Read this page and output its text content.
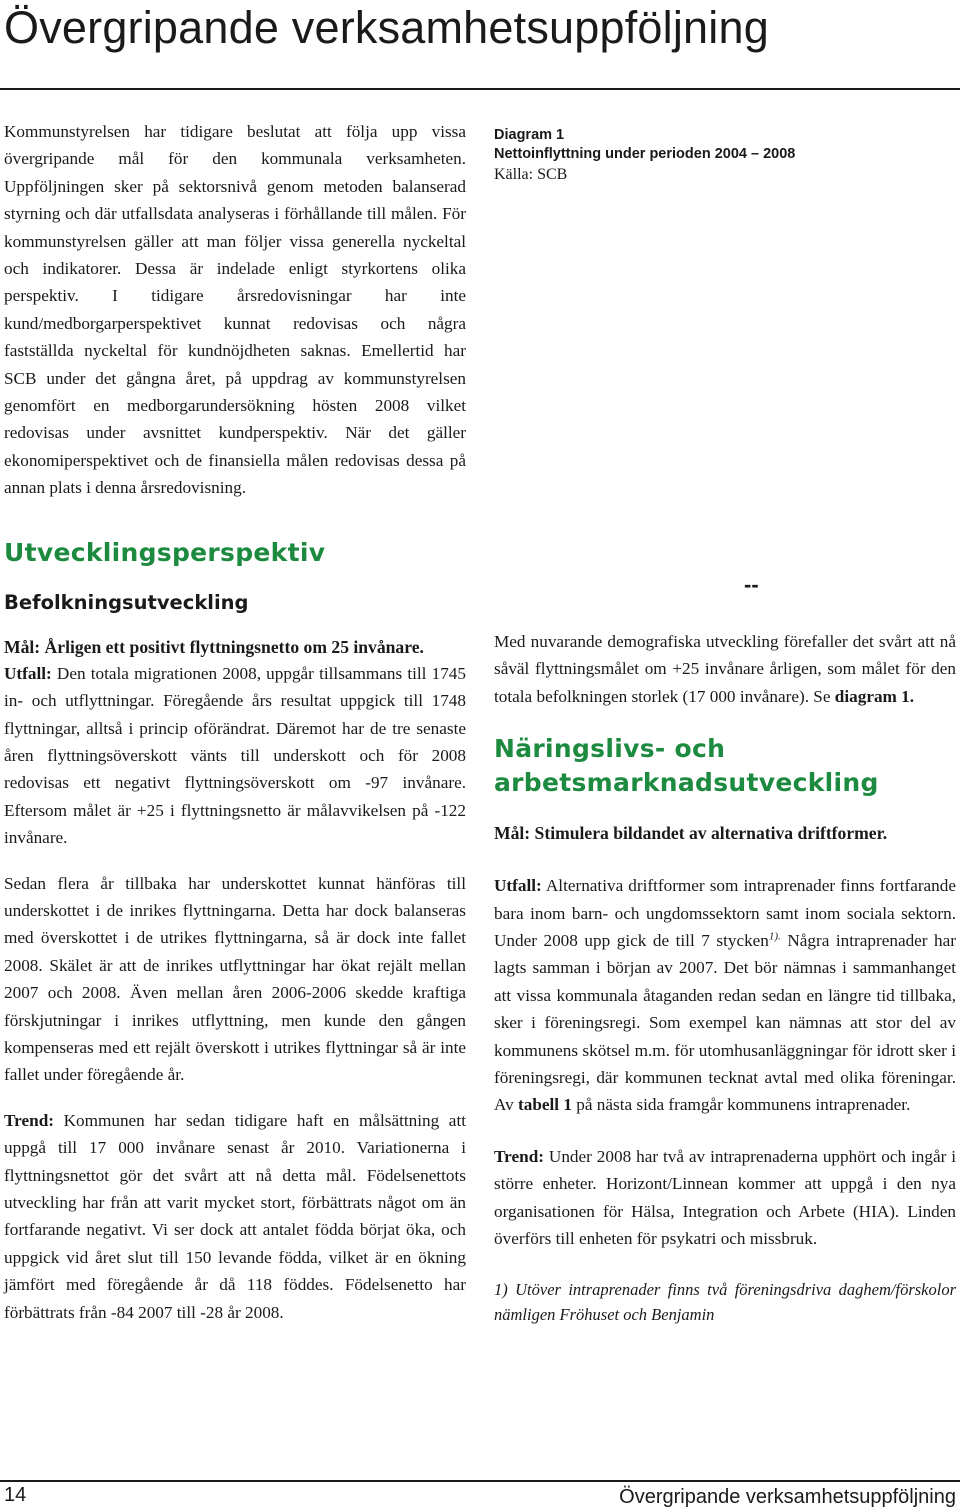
Övergripande verksamhetsuppföljning

Kommunstyrelsen har tidigare beslutat att följa upp vissa övergripande mål för den kommunala verksamheten. Uppföljningen sker på sektorsnivå genom metoden balanserad styrning och där utfallsdata analyseras i förhållande till målen. För kommunstyrelsen gäller att man följer vissa generella nyckeltal och indikatorer. Dessa är indelade enligt styrkortens olika perspektiv. I tidigare årsredovisningar har inte kund/medborgarperspektivet kunnat redovisas och några fastställda nyckeltal för kundnöjdheten saknas. Emellertid har SCB under det gångna året, på uppdrag av kommunstyrelsen genomfört en medborgarundersökning hösten 2008 vilket redovisas under avsnittet kundperspektiv. När det gäller ekonomiperspektivet och de finansiella målen redovisas dessa på annan plats i denna årsredovisning.

Utvecklingsperspektiv
Befolkningsutveckling

Mål: Årligen ett positivt flyttningsnetto om 25 invånare.

Utfall: Den totala migrationen 2008, uppgår tillsammans till 1745 in- och utflyttningar. Föregående års resultat uppgick till 1748 flyttningar, alltså i princip oförändrat. Däremot har de tre senaste åren flyttningsöverskott vänts till underskott och för 2008 redovisas ett negativt flyttningsöverskott om -97 invånare. Eftersom målet är +25 i flyttningsnetto är målavvikelsen på -122 invånare.

Sedan flera år tillbaka har underskottet kunnat hänföras till underskottet i de inrikes flyttningarna. Detta har dock balanseras med överskottet i de utrikes flyttningarna, så är dock inte fallet 2008. Skälet är att de inrikes utflyttningar har ökat rejält mellan 2007 och 2008. Även mellan åren 2006-2006 skedde kraftiga förskjutningar i inrikes utflyttning, men kunde den gången kompenseras med ett rejält överskott i utrikes flyttningar så är inte fallet under föregående år.

Trend: Kommunen har sedan tidigare haft en målsättning att uppgå till 17 000 invånare senast år 2010. Variationerna i flyttningsnettot gör det svårt att nå detta mål. Födelsenettots utveckling har från att varit mycket stort, förbättrats något om än fortfarande negativt. Vi ser dock att antalet födda börjat öka, och uppgick vid året slut till 150 levande födda, vilket är en ökning jämfört med föregående år då 118 föddes. Födelsenetto har förbättrats från -84 2007 till -28 år 2008.

Diagram 1
Nettoinflyttning under perioden 2004 – 2008
Källa: SCB

Med nuvarande demografiska utveckling förefaller det svårt att nå såväl flyttningsmålet om +25 invånare årligen, som målet för den totala befolkningen storlek (17 000 invånare). Se diagram 1.

Näringslivs- och
arbetsmarknadsutveckling

Mål: Stimulera bildandet av alternativa driftformer.

Utfall: Alternativa driftformer som intraprenader finns fortfarande bara inom barn- och ungdomssektorn samt inom sociala sektorn. Under 2008 upp gick de till 7 stycken$^{1).}$ Några intraprenader har lagts samman i början av 2007. Det bör nämnas i sammanhanget att vissa kommunala åtaganden redan sedan en längre tid tillbaka, sker i föreningsregi. Som exempel kan nämnas att stor del av kommunens skötsel m.m. för utomhusanläggningar för idrott sker i föreningsregi, där kommunen tecknat avtal med olika föreningar. Av tabell 1 på nästa sida framgår kommunens intraprenader.

Trend: Under 2008 har två av intraprenaderna upphört och ingår i större enheter. Horizont/Linnean kommer att uppgå i den nya organisationen för Hälsa, Integration och Arbete (HIA). Linden överförs till enheten för psykatri och missbruk.

1) Utöver intraprenader finns två föreningsdriva daghem/förskolor nämligen Fröhuset och Benjamin

--
14	Övergripande verksamhetsuppföljning
